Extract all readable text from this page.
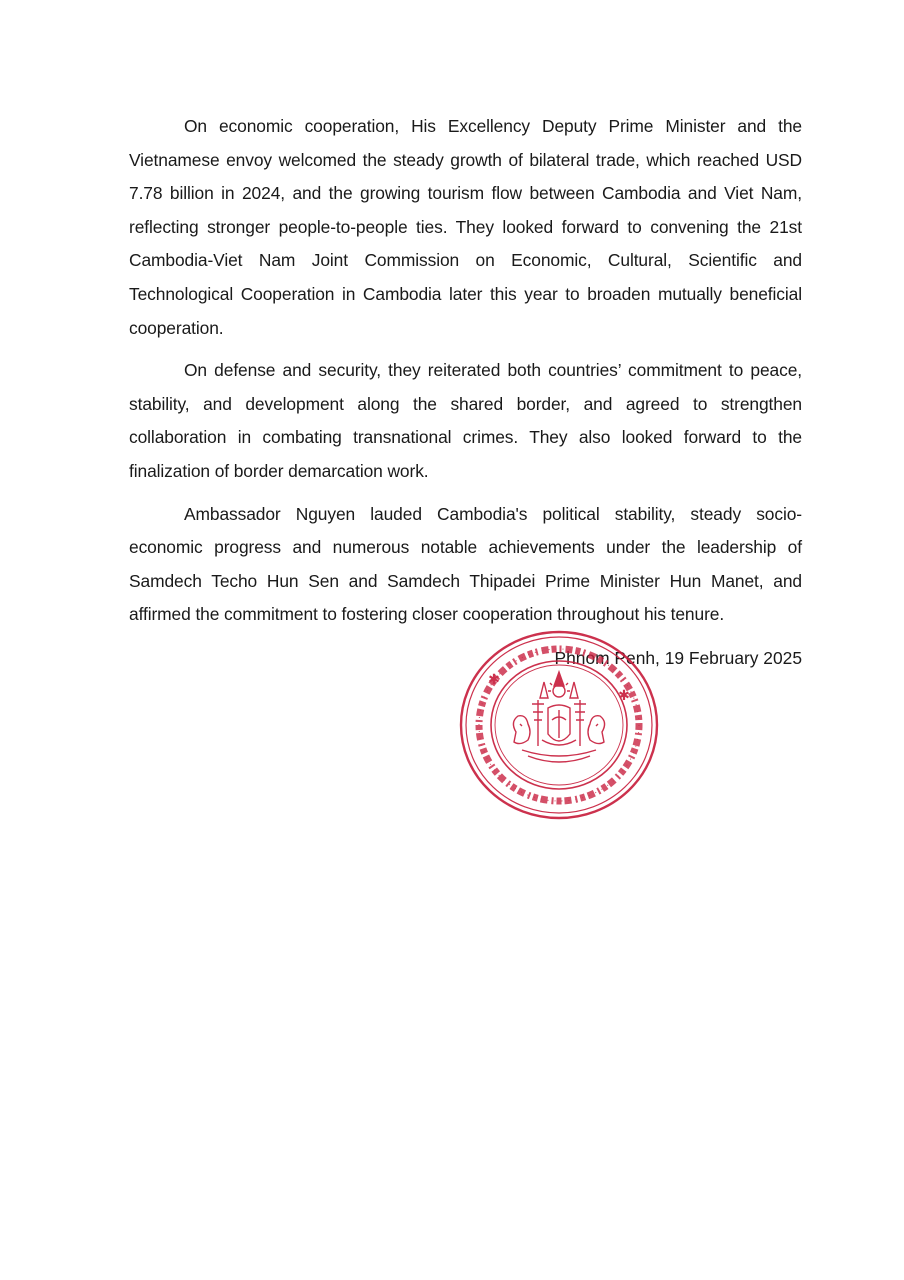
On economic cooperation, His Excellency Deputy Prime Minister and the Vietnamese envoy welcomed the steady growth of bilateral trade, which reached USD 7.78 billion in 2024, and the growing tourism flow between Cambodia and Viet Nam, reflecting stronger people-to-people ties. They looked forward to convening the 21st Cambodia-Viet Nam Joint Commission on Economic, Cultural, Scientific and Technological Cooperation in Cambodia later this year to broaden mutually beneficial cooperation.

On defense and security, they reiterated both countries’ commitment to peace, stability, and development along the shared border, and agreed to strengthen collaboration in combating transnational crimes. They also looked forward to the finalization of border demarcation work.

Ambassador Nguyen lauded Cambodia's political stability, steady socio-economic progress and numerous notable achievements under the leadership of Samdech Techo Hun Sen and Samdech Thipadei Prime Minister Hun Manet, and affirmed the commitment to fostering closer cooperation throughout his tenure.

Phnom Penh, 19 February 2025
✱
✱
